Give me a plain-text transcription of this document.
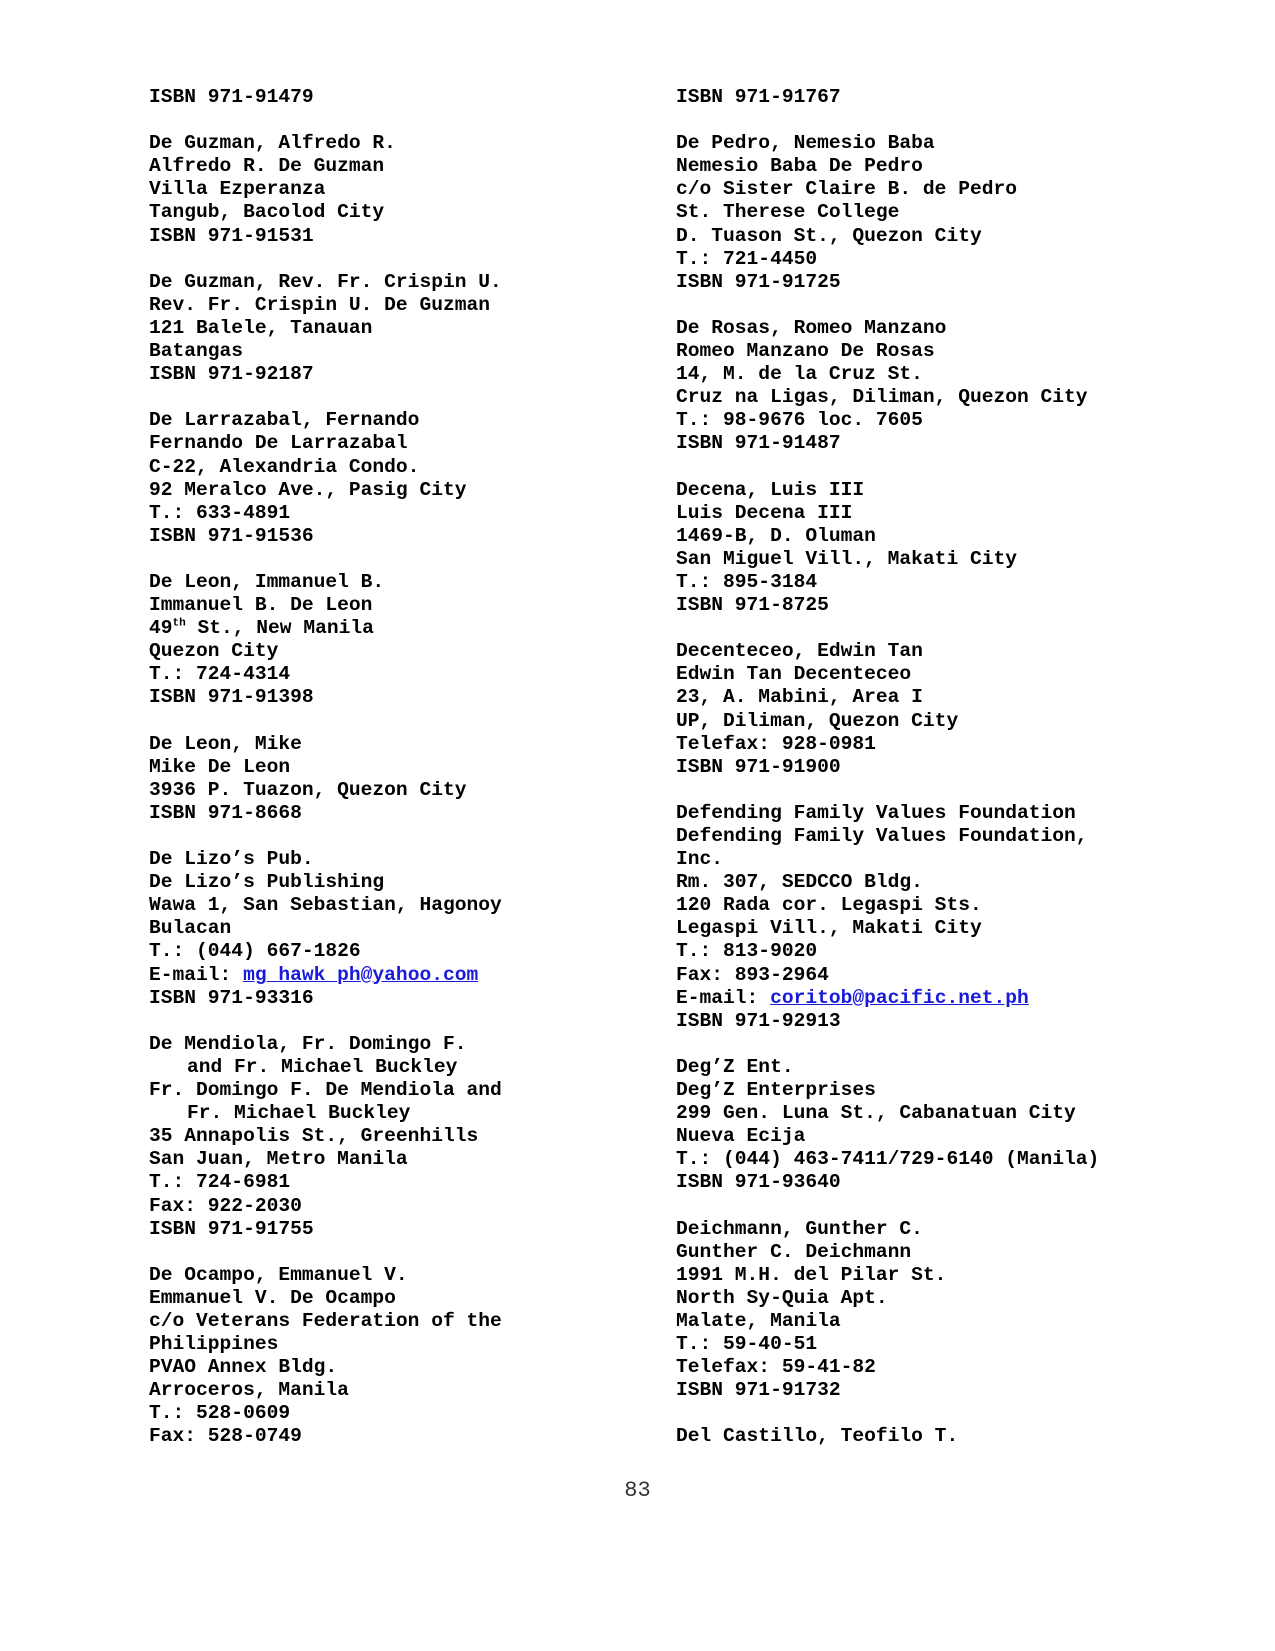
ISBN 971-91479
De Guzman, Alfredo R.
Alfredo R. De Guzman
Villa Ezperanza
Tangub, Bacolod City
ISBN 971-91531
De Guzman, Rev. Fr. Crispin U.
Rev. Fr. Crispin U. De Guzman
121 Balele, Tanauan
Batangas
ISBN 971-92187
De Larrazabal, Fernando
Fernando De Larrazabal
C-22, Alexandria Condo.
92 Meralco Ave., Pasig City
T.: 633-4891
ISBN 971-91536
De Leon, Immanuel B.
Immanuel B. De Leon
49th St., New Manila
Quezon City
T.: 724-4314
ISBN 971-91398
De Leon, Mike
Mike De Leon
3936 P. Tuazon, Quezon City
ISBN 971-8668
De Lizo’s Pub.
De Lizo’s Publishing
Wawa 1, San Sebastian, Hagonoy
Bulacan
T.: (044) 667-1826
E-mail: mg_hawk_ph@yahoo.com
ISBN 971-93316
De Mendiola, Fr. Domingo F.
and Fr. Michael Buckley
Fr. Domingo F. De Mendiola and
Fr. Michael Buckley
35 Annapolis St., Greenhills
San Juan, Metro Manila
T.: 724-6981
Fax: 922-2030
ISBN 971-91755
De Ocampo, Emmanuel V.
Emmanuel V. De Ocampo
c/o Veterans Federation of the
Philippines
PVAO Annex Bldg.
Arroceros, Manila
T.: 528-0609
Fax: 528-0749
ISBN 971-91767
De Pedro, Nemesio Baba
Nemesio Baba De Pedro
c/o Sister Claire B. de Pedro
St. Therese College
D. Tuason St., Quezon City
T.: 721-4450
ISBN 971-91725
De Rosas, Romeo Manzano
Romeo Manzano De Rosas
14, M. de la Cruz St.
Cruz na Ligas, Diliman, Quezon City
T.: 98-9676 loc. 7605
ISBN 971-91487
Decena, Luis III
Luis Decena III
1469-B, D. Oluman
San Miguel Vill., Makati City
T.: 895-3184
ISBN 971-8725
Decenteceo, Edwin Tan
Edwin Tan Decenteceo
23, A. Mabini, Area I
UP, Diliman, Quezon City
Telefax: 928-0981
ISBN 971-91900
Defending Family Values Foundation
Defending Family Values Foundation,
Inc.
Rm. 307, SEDCCO Bldg.
120 Rada cor. Legaspi Sts.
Legaspi Vill., Makati City
T.: 813-9020
Fax: 893-2964
E-mail: coritob@pacific.net.ph
ISBN 971-92913
Deg’Z Ent.
Deg’Z Enterprises
299 Gen. Luna St., Cabanatuan City
Nueva Ecija
T.: (044) 463-7411/729-6140 (Manila)
ISBN 971-93640
Deichmann, Gunther C.
Gunther C. Deichmann
1991 M.H. del Pilar St.
North Sy-Quia Apt.
Malate, Manila
T.: 59-40-51
Telefax: 59-41-82
ISBN 971-91732
Del Castillo, Teofilo T.
83
